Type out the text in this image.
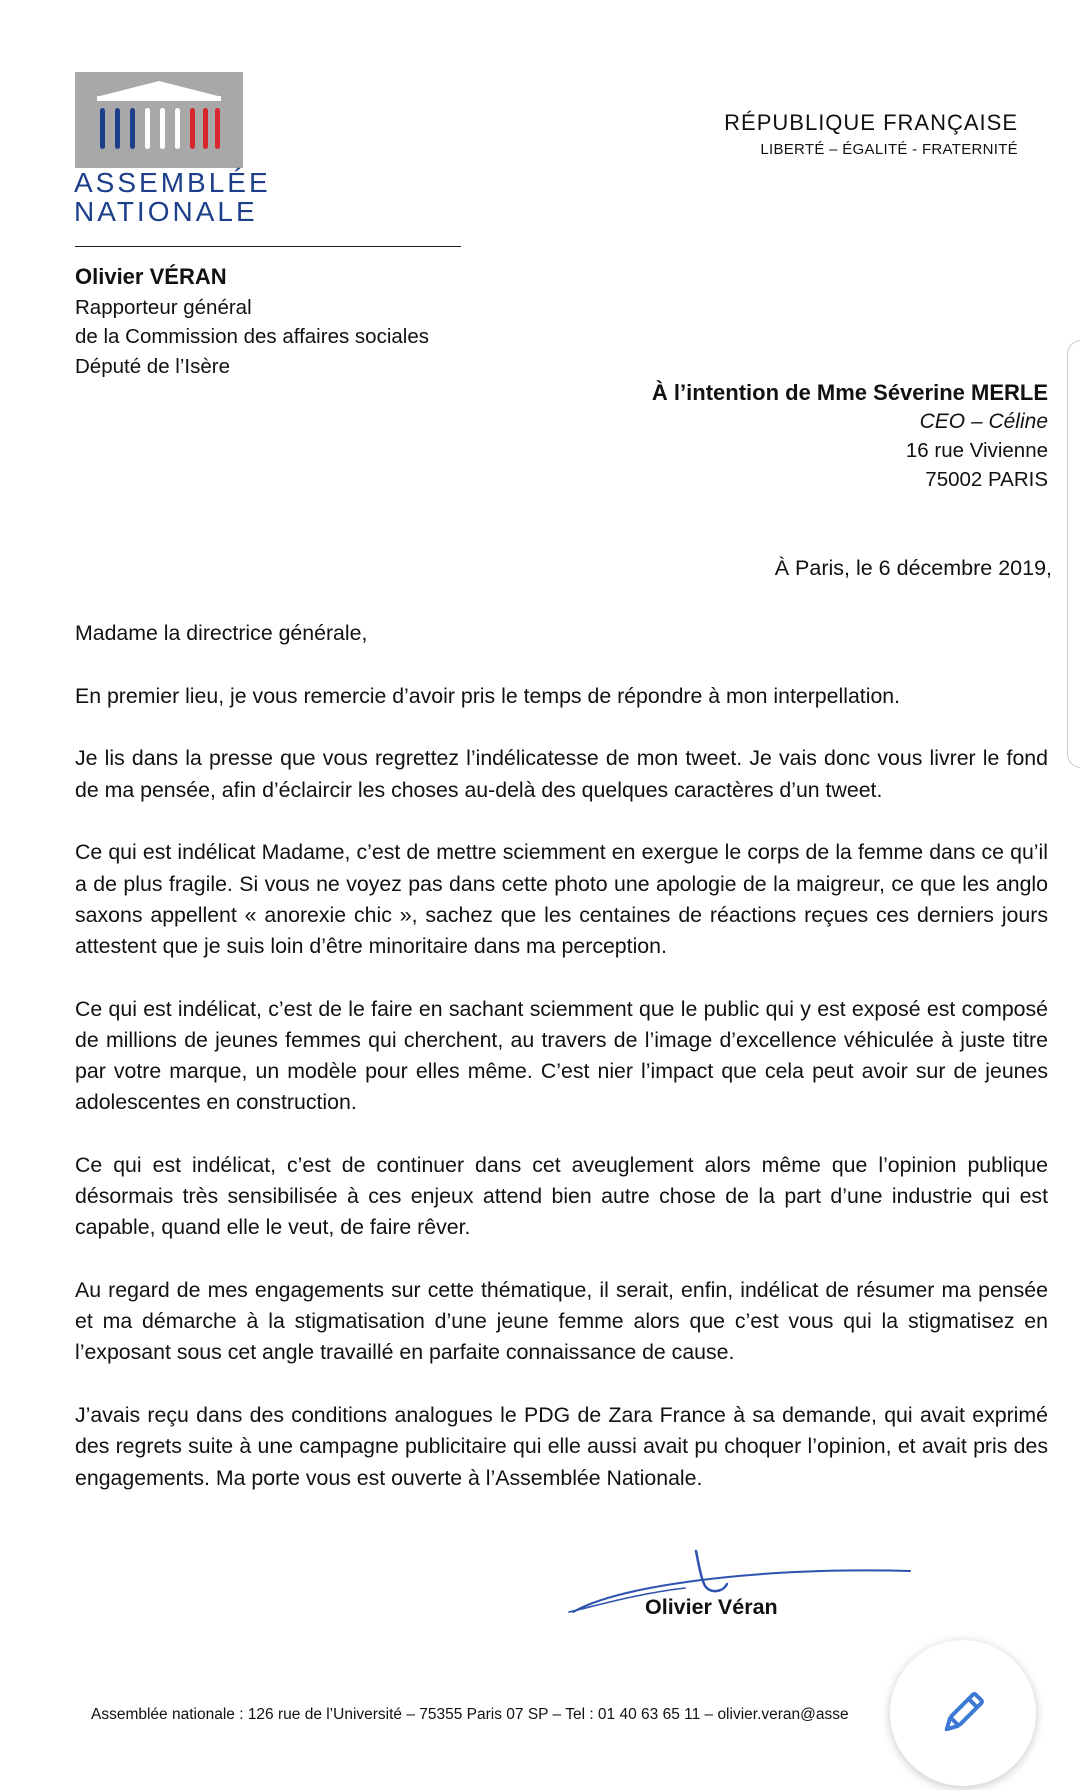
ASSEMBLÉE
NATIONALE
RÉPUBLIQUE FRANÇAISE
LIBERTÉ – ÉGALITÉ - FRATERNITÉ
Olivier VÉRAN
Rapporteur général
de la Commission des affaires sociales
Député de l’Isère
À l’intention de Mme Séverine MERLE
CEO – Céline
16 rue Vivienne
75002 PARIS
À Paris, le 6 décembre 2019,

Madame la directrice générale,

En premier lieu, je vous remercie d’avoir pris le temps de répondre à mon interpellation.

Je lis dans la presse que vous regrettez l’indélicatesse de mon tweet. Je vais donc vous livrer le fond de ma pensée, afin d’éclaircir les choses au-delà des quelques caractères d’un tweet.

Ce qui est indélicat Madame, c’est de mettre sciemment en exergue le corps de la femme dans ce qu’il a de plus fragile. Si vous ne voyez pas dans cette photo une apologie de la maigreur, ce que les anglo saxons appellent « anorexie chic », sachez que les centaines de réactions reçues ces derniers jours attestent que je suis loin d’être minoritaire dans ma perception.

Ce qui est indélicat, c’est de le faire en sachant sciemment que le public qui y est exposé est composé de millions de jeunes femmes qui cherchent, au travers de l’image d’excellence véhiculée à juste titre par votre marque, un modèle pour elles même. C’est nier l’impact que cela peut avoir sur de jeunes adolescentes en construction.

Ce qui est indélicat, c’est de continuer dans cet aveuglement alors même que l’opinion publique désormais très sensibilisée à ces enjeux attend bien autre chose de la part d’une industrie qui est capable, quand elle le veut, de faire rêver.

Au regard de mes engagements sur cette thématique, il serait, enfin, indélicat de résumer ma pensée et ma démarche à la stigmatisation d’une jeune femme alors que c’est vous qui la stigmatisez en l’exposant sous cet angle travaillé en parfaite connaissance de cause.

J’avais reçu dans des conditions analogues le PDG de Zara France à sa demande, qui avait exprimé des regrets suite à une campagne publicitaire qui elle aussi avait pu choquer l’opinion, et avait pris des engagements. Ma porte vous est ouverte à l’Assemblée Nationale.

Olivier Véran
Assemblée nationale : 126 rue de l’Université – 75355 Paris 07 SP – Tel : 01 40 63 65 11 – olivier.veran@asse
